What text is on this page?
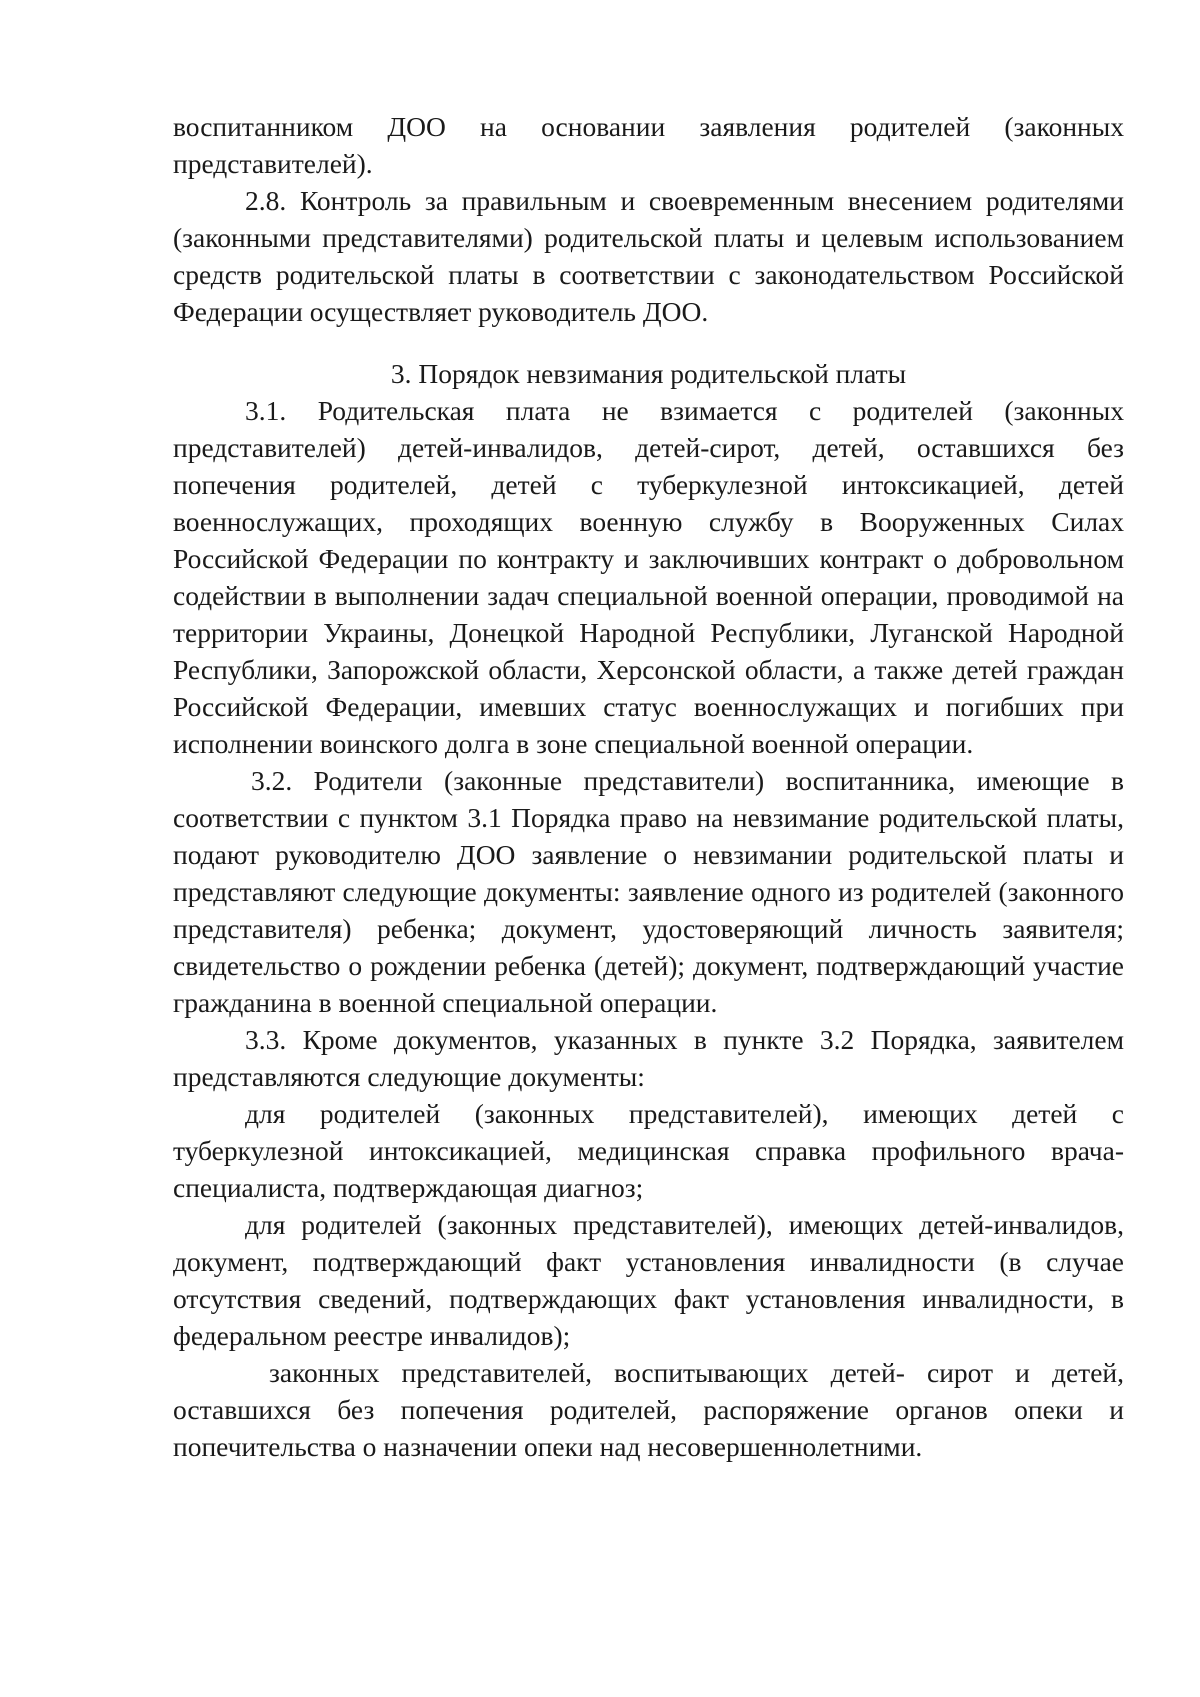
воспитанником ДОО на основании заявления родителей (законных представителей).

2.8. Контроль за правильным и своевременным внесением родителями (законными представителями) родительской платы и целевым использованием средств родительской платы в соответствии с законодательством Российской Федерации осуществляет руководитель ДОО.

3. Порядок невзимания родительской платы

3.1. Родительская плата не взимается с родителей (законных представителей) детей-инвалидов, детей-сирот, детей, оставшихся без попечения родителей, детей с туберкулезной интоксикацией, детей военнослужащих, проходящих военную службу в Вооруженных Силах Российской Федерации по контракту и заключивших контракт о добровольном содействии в выполнении задач специальной военной операции, проводимой на территории Украины, Донецкой Народной Республики, Луганской Народной Республики, Запорожской области, Херсонской области, а также детей граждан Российской Федерации, имевших статус военнослужащих и погибших при исполнении воинского долга в зоне специальной военной операции.

3.2. Родители (законные представители) воспитанника, имеющие в соответствии с пунктом 3.1 Порядка право на невзимание родительской платы, подают руководителю ДОО заявление о невзимании родительской платы и представляют следующие документы: заявление одного из родителей (законного представителя) ребенка; документ, удостоверяющий личность заявителя; свидетельство о рождении ребенка (детей); документ, подтверждающий участие гражданина в военной специальной операции.

3.3. Кроме документов, указанных в пункте 3.2 Порядка, заявителем представляются следующие документы:

для родителей (законных представителей), имеющих детей с туберкулезной интоксикацией, медицинская справка профильного врача-специалиста, подтверждающая диагноз;

для родителей (законных представителей), имеющих детей-инвалидов, документ, подтверждающий факт установления инвалидности (в случае отсутствия сведений, подтверждающих факт установления инвалидности, в федеральном реестре инвалидов);

законных представителей, воспитывающих детей- сирот и детей, оставшихся без попечения родителей, распоряжение органов опеки и попечительства о назначении опеки над несовершеннолетними.
